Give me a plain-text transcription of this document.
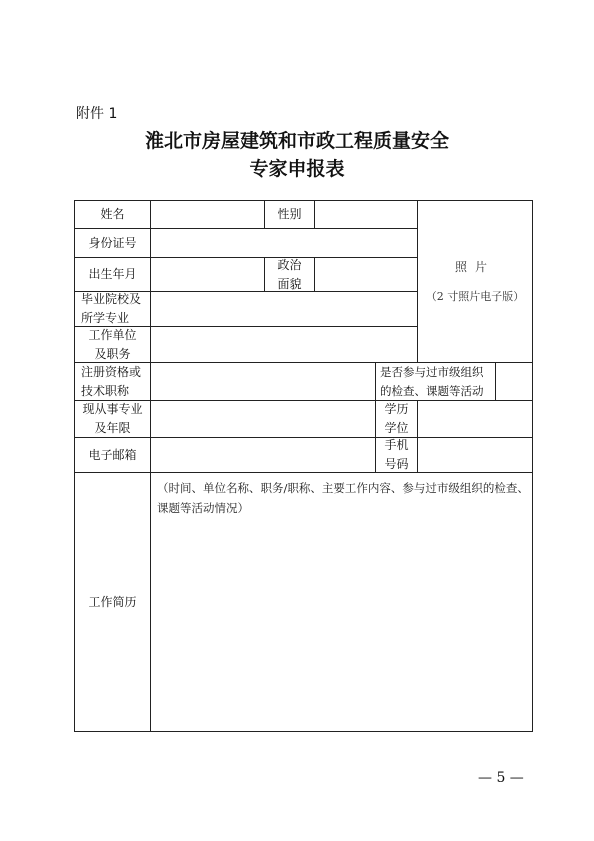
附件 1
淮北市房屋建筑和市政工程质量安全
专家申报表
姓名	性别
照片
（2 寸照片电子版）
身份证号
出生年月
政治
面貌
毕业院校及
所学专业
工作单位
及职务
注册资格或
技术职称
是否参与过市级组织
的检查、课题等活动
现从事专业
及年限
学历
学位
电子邮箱
手机
号码
工作简历
（时间、单位名称、职务/职称、主要工作内容、参与过市级组织的检查、课题等活动情况）
— 5 —
